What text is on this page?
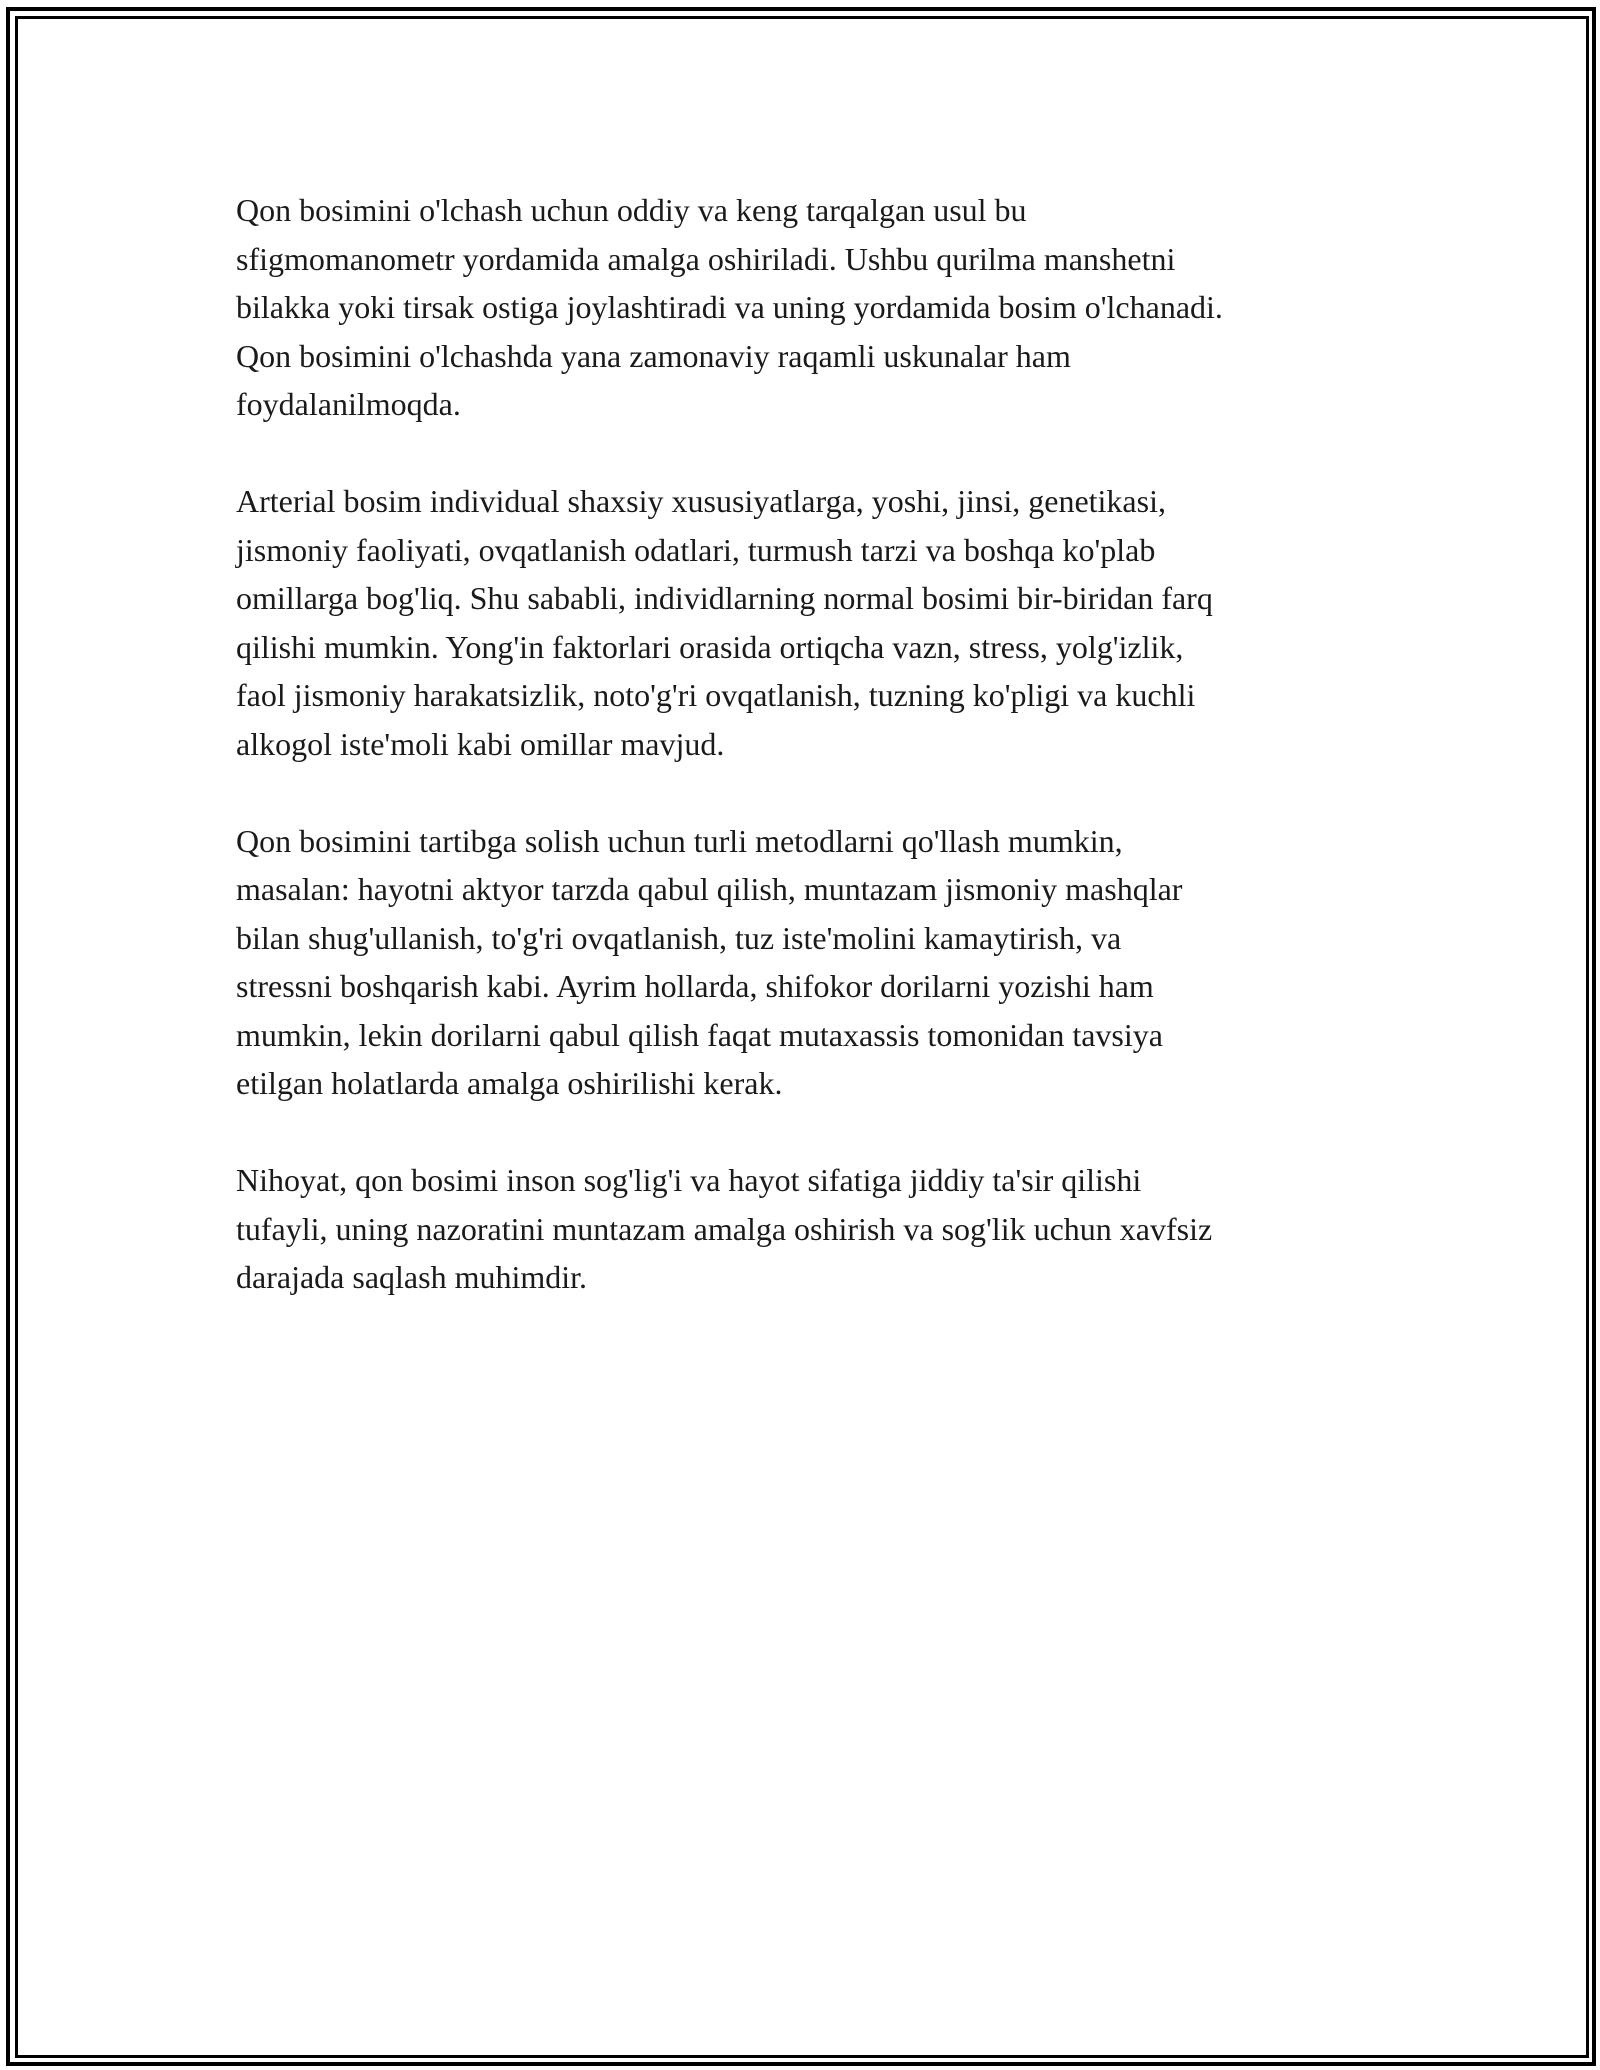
Qon bosimini o'lchash uchun oddiy va keng tarqalgan usul bu
sfigmomanometr yordamida amalga oshiriladi. Ushbu qurilma manshetni
bilakka yoki tirsak ostiga joylashtiradi va uning yordamida bosim o'lchanadi.
Qon bosimini o'lchashda yana zamonaviy raqamli uskunalar ham
foydalanilmoqda.

Arterial bosim individual shaxsiy xususiyatlarga, yoshi, jinsi, genetikasi,
jismoniy faoliyati, ovqatlanish odatlari, turmush tarzi va boshqa ko'plab
omillarga bog'liq. Shu sababli, individlarning normal bosimi bir-biridan farq
qilishi mumkin. Yong'in faktorlari orasida ortiqcha vazn, stress, yolg'izlik,
faol jismoniy harakatsizlik, noto'g'ri ovqatlanish, tuzning ko'pligi va kuchli
alkogol iste'moli kabi omillar mavjud.

Qon bosimini tartibga solish uchun turli metodlarni qo'llash mumkin,
masalan: hayotni aktyor tarzda qabul qilish, muntazam jismoniy mashqlar
bilan shug'ullanish, to'g'ri ovqatlanish, tuz iste'molini kamaytirish, va
stressni boshqarish kabi. Ayrim hollarda, shifokor dorilarni yozishi ham
mumkin, lekin dorilarni qabul qilish faqat mutaxassis tomonidan tavsiya
etilgan holatlarda amalga oshirilishi kerak.

Nihoyat, qon bosimi inson sog'lig'i va hayot sifatiga jiddiy ta'sir qilishi
tufayli, uning nazoratini muntazam amalga oshirish va sog'lik uchun xavfsiz
darajada saqlash muhimdir.
